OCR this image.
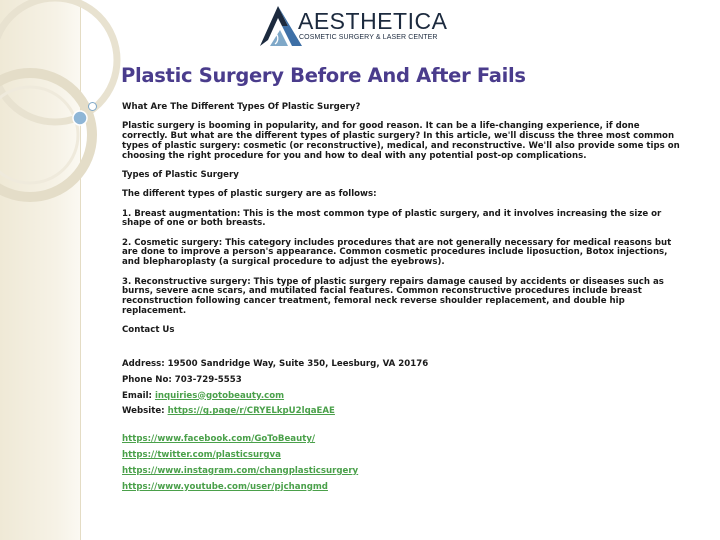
AESTHETICA
COSMETIC SURGERY & LASER CENTER
Plastic Surgery Before And After Fails

What Are The Different Types Of Plastic Surgery?

Plastic surgery is booming in popularity, and for good reason. It can be a life-changing experience, if done correctly. But what are the different types of plastic surgery? In this article, we'll discuss the three most common types of plastic surgery: cosmetic (or reconstructive), medical, and reconstructive. We'll also provide some tips on choosing the right procedure for you and how to deal with any potential post-op complications.

Types of Plastic Surgery

The different types of plastic surgery are as follows:

1. Breast augmentation: This is the most common type of plastic surgery, and it involves increasing the size or shape of one or both breasts.

2. Cosmetic surgery: This category includes procedures that are not generally necessary for medical reasons but are done to improve a person's appearance. Common cosmetic procedures include liposuction, Botox injections, and blepharoplasty (a surgical procedure to adjust the eyebrows).

3. Reconstructive surgery: This type of plastic surgery repairs damage caused by accidents or diseases such as burns, severe acne scars, and mutilated facial features. Common reconstructive procedures include breast reconstruction following cancer treatment, femoral neck reverse shoulder replacement, and double hip replacement.

Contact Us

Address: 19500 Sandridge Way, Suite 350, Leesburg, VA 20176

Phone No: 703-729-5553

Email: inquiries@gotobeauty.com

Website: https://g.page/r/CRYELkpU2lqaEAE

https://www.facebook.com/GoToBeauty/

https://twitter.com/plasticsurgva

https://www.instagram.com/changplasticsurgery

https://www.youtube.com/user/pjchangmd
